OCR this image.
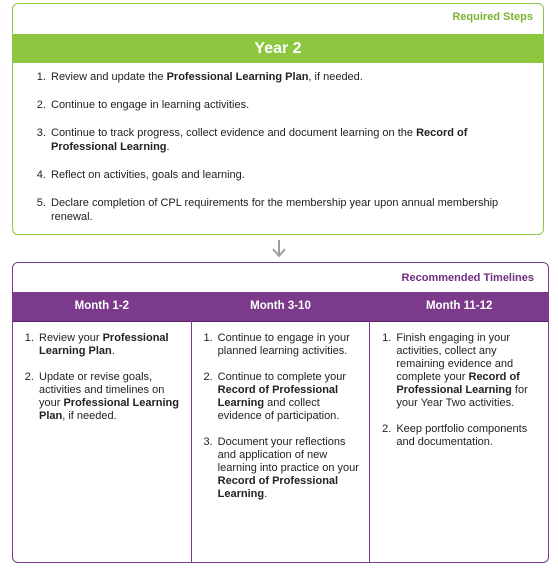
Required Steps
Year 2
1. Review and update the Professional Learning Plan, if needed.
2. Continue to engage in learning activities.
3. Continue to track progress, collect evidence and document learning on the Record of Professional Learning.
4. Reflect on activities, goals and learning.
5. Declare completion of CPL requirements for the membership year upon annual membership renewal.
Recommended Timelines
Month 1-2
1. Review your Professional Learning Plan.
2. Update or revise goals, activities and timelines on your Professional Learning Plan, if needed.
Month 3-10
1. Continue to engage in your planned learning activities.
2. Continue to complete your Record of Professional Learning and collect evidence of participation.
3. Document your reflections and application of new learning into practice on your Record of Professional Learning.
Month 11-12
1. Finish engaging in your activities, collect any remaining evidence and complete your Record of Professional Learning for your Year Two activities.
2. Keep portfolio components and documentation.
